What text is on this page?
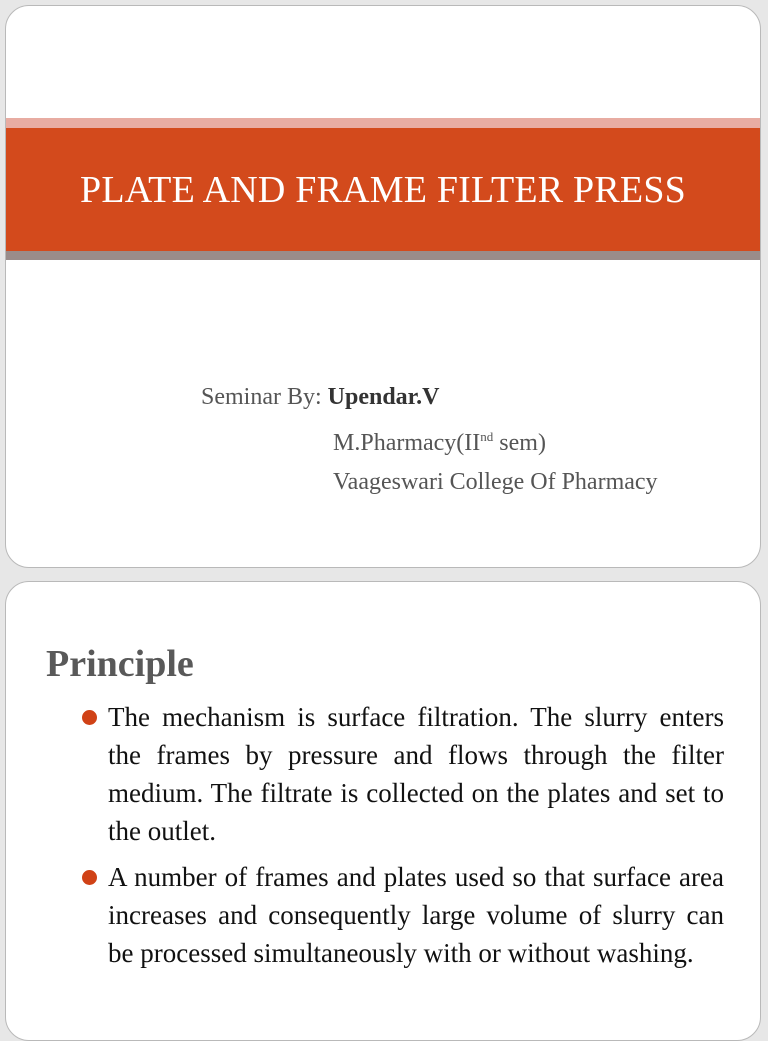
PLATE AND FRAME FILTER PRESS
Seminar By: Upendar.V
M.Pharmacy(IInd sem)
Vaageswari College Of Pharmacy
Principle
The mechanism is surface filtration. The slurry enters the frames by pressure and flows through the filter medium. The filtrate is collected on the plates and set to the outlet.
A number of frames and plates used so that surface area increases and consequently large volume of slurry can be processed simultaneously with or without washing.
